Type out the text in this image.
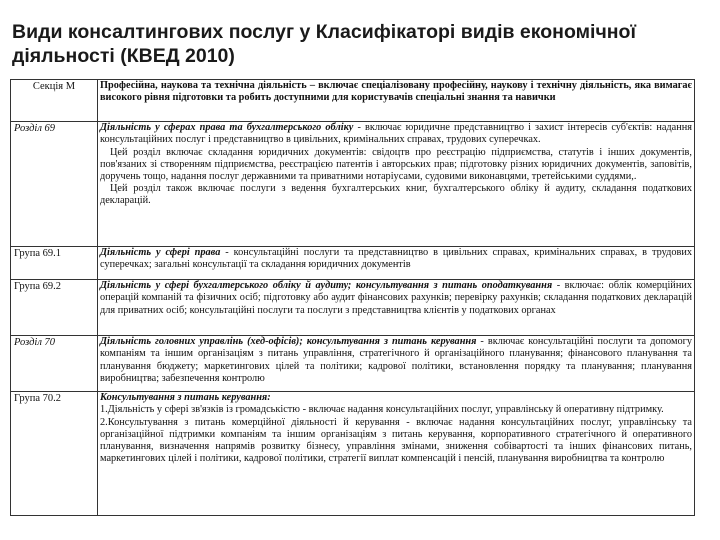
Види консалтингових послуг у Класифікаторі видів економічної діяльності (КВЕД 2010)
Секція М	Професійна, наукова та технічна діяльність – включає спеціалізовану професійну, наукову і технічну діяльність, яка вимагає високого рівня підготовки та робить доступними для користувачів спеціальні знання та навички
Розділ 69	Діяльність у сферах права та бухгалтерського обліку - включає юридичне представництво і захист інтересів суб'єктів: надання консультаційних послуг і представництво в цивільних, кримінальних справах, трудових суперечках.

Цей розділ включає складання юридичних документів: свідоцтв про реєстрацію підприємства, статутів і інших документів, пов'язаних зі створенням підприємства, реєстрацією патентів і авторських прав; підготовку різних юридичних документів, заповітів, доручень тощо, надання послуг державними та приватними нотаріусами, судовими виконавцями, третейськими суддями,.

Цей розділ також включає послуги з ведення бухгалтерських книг, бухгалтерського обліку й аудиту, складання податкових декларацій.

Група 69.1	Діяльність у сфері права - консультаційні послуги та представництво в цивільних справах, кримінальних справах, в трудових суперечках; загальні консультації та складання юридичних документів

Група 69.2	Діяльність у сфері бухгалтерського обліку й аудиту; консультування з питань оподаткування - включає: облік комерційних операцій компаній та фізичних осіб; підготовку або аудит фінансових рахунків; перевірку рахунків; складання податкових декларацій для приватних осіб; консультаційні послуги та послуги з представництва клієнтів у податкових органах

Розділ 70	Діяльність головних управлінь (хед-офісів); консультування з питань керування - включає консультаційні послуги та допомогу компаніям та іншим організаціям з питань управління, стратегічного й організаційного планування; фінансового планування та планування бюджету; маркетингових цілей та політики; кадрової політики, встановлення порядку та планування; планування виробництва; забезпечення контролю

Група 70.2	Консультування з питань керування:

1.Діяльність у сфері зв'язків із громадськістю - включає надання консультаційних послуг, управлінську й оперативну підтримку.

2.Консультування з питань комерційної діяльності й керування - включає надання консультаційних послуг, управлінську та організаційної підтримки компаніям та іншим організаціям з питань керування, корпоративного стратегічного й оперативного планування, визначення напрямів розвитку бізнесу, управління змінами, зниження собівартості та інших фінансових питань, маркетингових цілей і політики, кадрової політики, стратегії виплат компенсацій і пенсій, планування виробництва та контролю
